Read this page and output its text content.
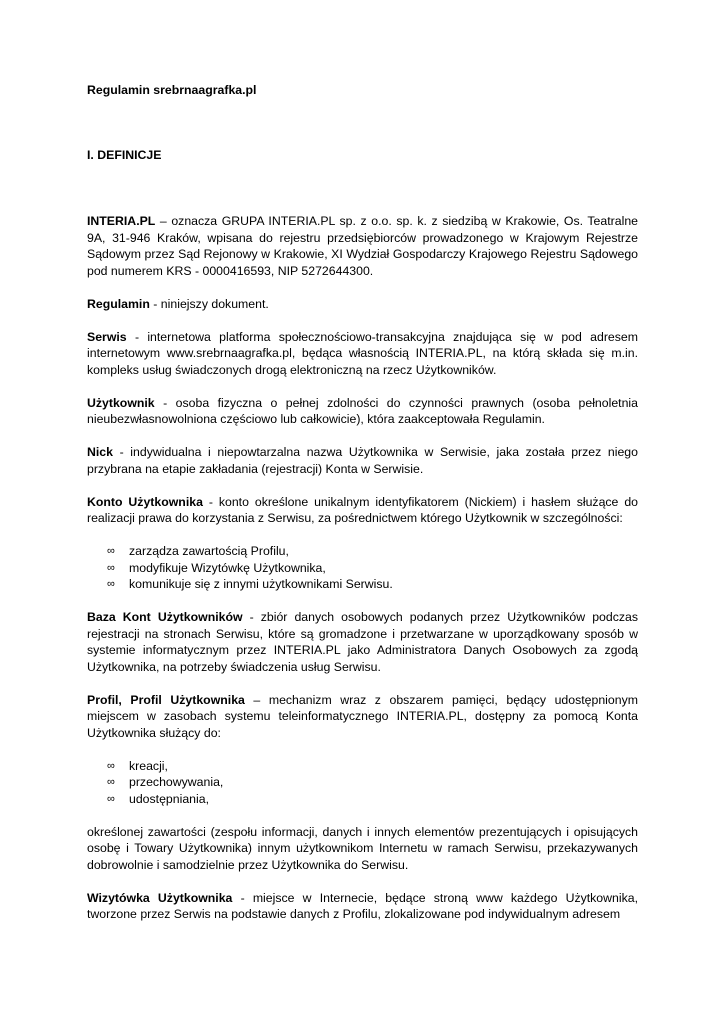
Regulamin srebrnaagrafka.pl

I. DEFINICJE

INTERIA.PL – oznacza GRUPA INTERIA.PL sp. z o.o. sp. k. z siedzibą w Krakowie, Os. Teatralne 9A, 31-946 Kraków, wpisana do rejestru przedsiębiorców prowadzonego w Krajowym Rejestrze Sądowym przez Sąd Rejonowy w Krakowie, XI Wydział Gospodarczy Krajowego Rejestru Sądowego pod numerem KRS - 0000416593, NIP 5272644300.

Regulamin - niniejszy dokument.

Serwis - internetowa platforma społecznościowo-transakcyjna znajdująca się w pod adresem internetowym www.srebrnaagrafka.pl, będąca własnością INTERIA.PL, na którą składa się m.in. kompleks usług świadczonych drogą elektroniczną na rzecz Użytkowników.

Użytkownik - osoba fizyczna o pełnej zdolności do czynności prawnych (osoba pełnoletnia nieubezwłasnowolniona częściowo lub całkowicie), która zaakceptowała Regulamin.

Nick - indywidualna i niepowtarzalna nazwa Użytkownika w Serwisie, jaka została przez niego przybrana na etapie zakładania (rejestracji) Konta w Serwisie.

Konto Użytkownika - konto określone unikalnym identyfikatorem (Nickiem) i hasłem służące do realizacji prawa do korzystania z Serwisu, za pośrednictwem którego Użytkownik w szczególności:

∞ zarządza zawartością Profilu,
∞ modyfikuje Wizytówkę Użytkownika,
∞ komunikuje się z innymi użytkownikami Serwisu.

Baza Kont Użytkowników - zbiór danych osobowych podanych przez Użytkowników podczas rejestracji na stronach Serwisu, które są gromadzone i przetwarzane w uporządkowany sposób w systemie informatycznym przez INTERIA.PL jako Administratora Danych Osobowych za zgodą Użytkownika, na potrzeby świadczenia usług Serwisu.

Profil, Profil Użytkownika – mechanizm wraz z obszarem pamięci, będący udostępnionym miejscem w zasobach systemu teleinformatycznego INTERIA.PL, dostępny za pomocą Konta Użytkownika służący do:

∞ kreacji,
∞ przechowywania,
∞ udostępniania,

określonej zawartości (zespołu informacji, danych i innych elementów prezentujących i opisujących osobę i Towary Użytkownika) innym użytkownikom Internetu w ramach Serwisu, przekazywanych dobrowolnie i samodzielnie przez Użytkownika do Serwisu.

Wizytówka Użytkownika - miejsce w Internecie, będące stroną www każdego Użytkownika, tworzone przez Serwis na podstawie danych z Profilu, zlokalizowane pod indywidualnym adresem
